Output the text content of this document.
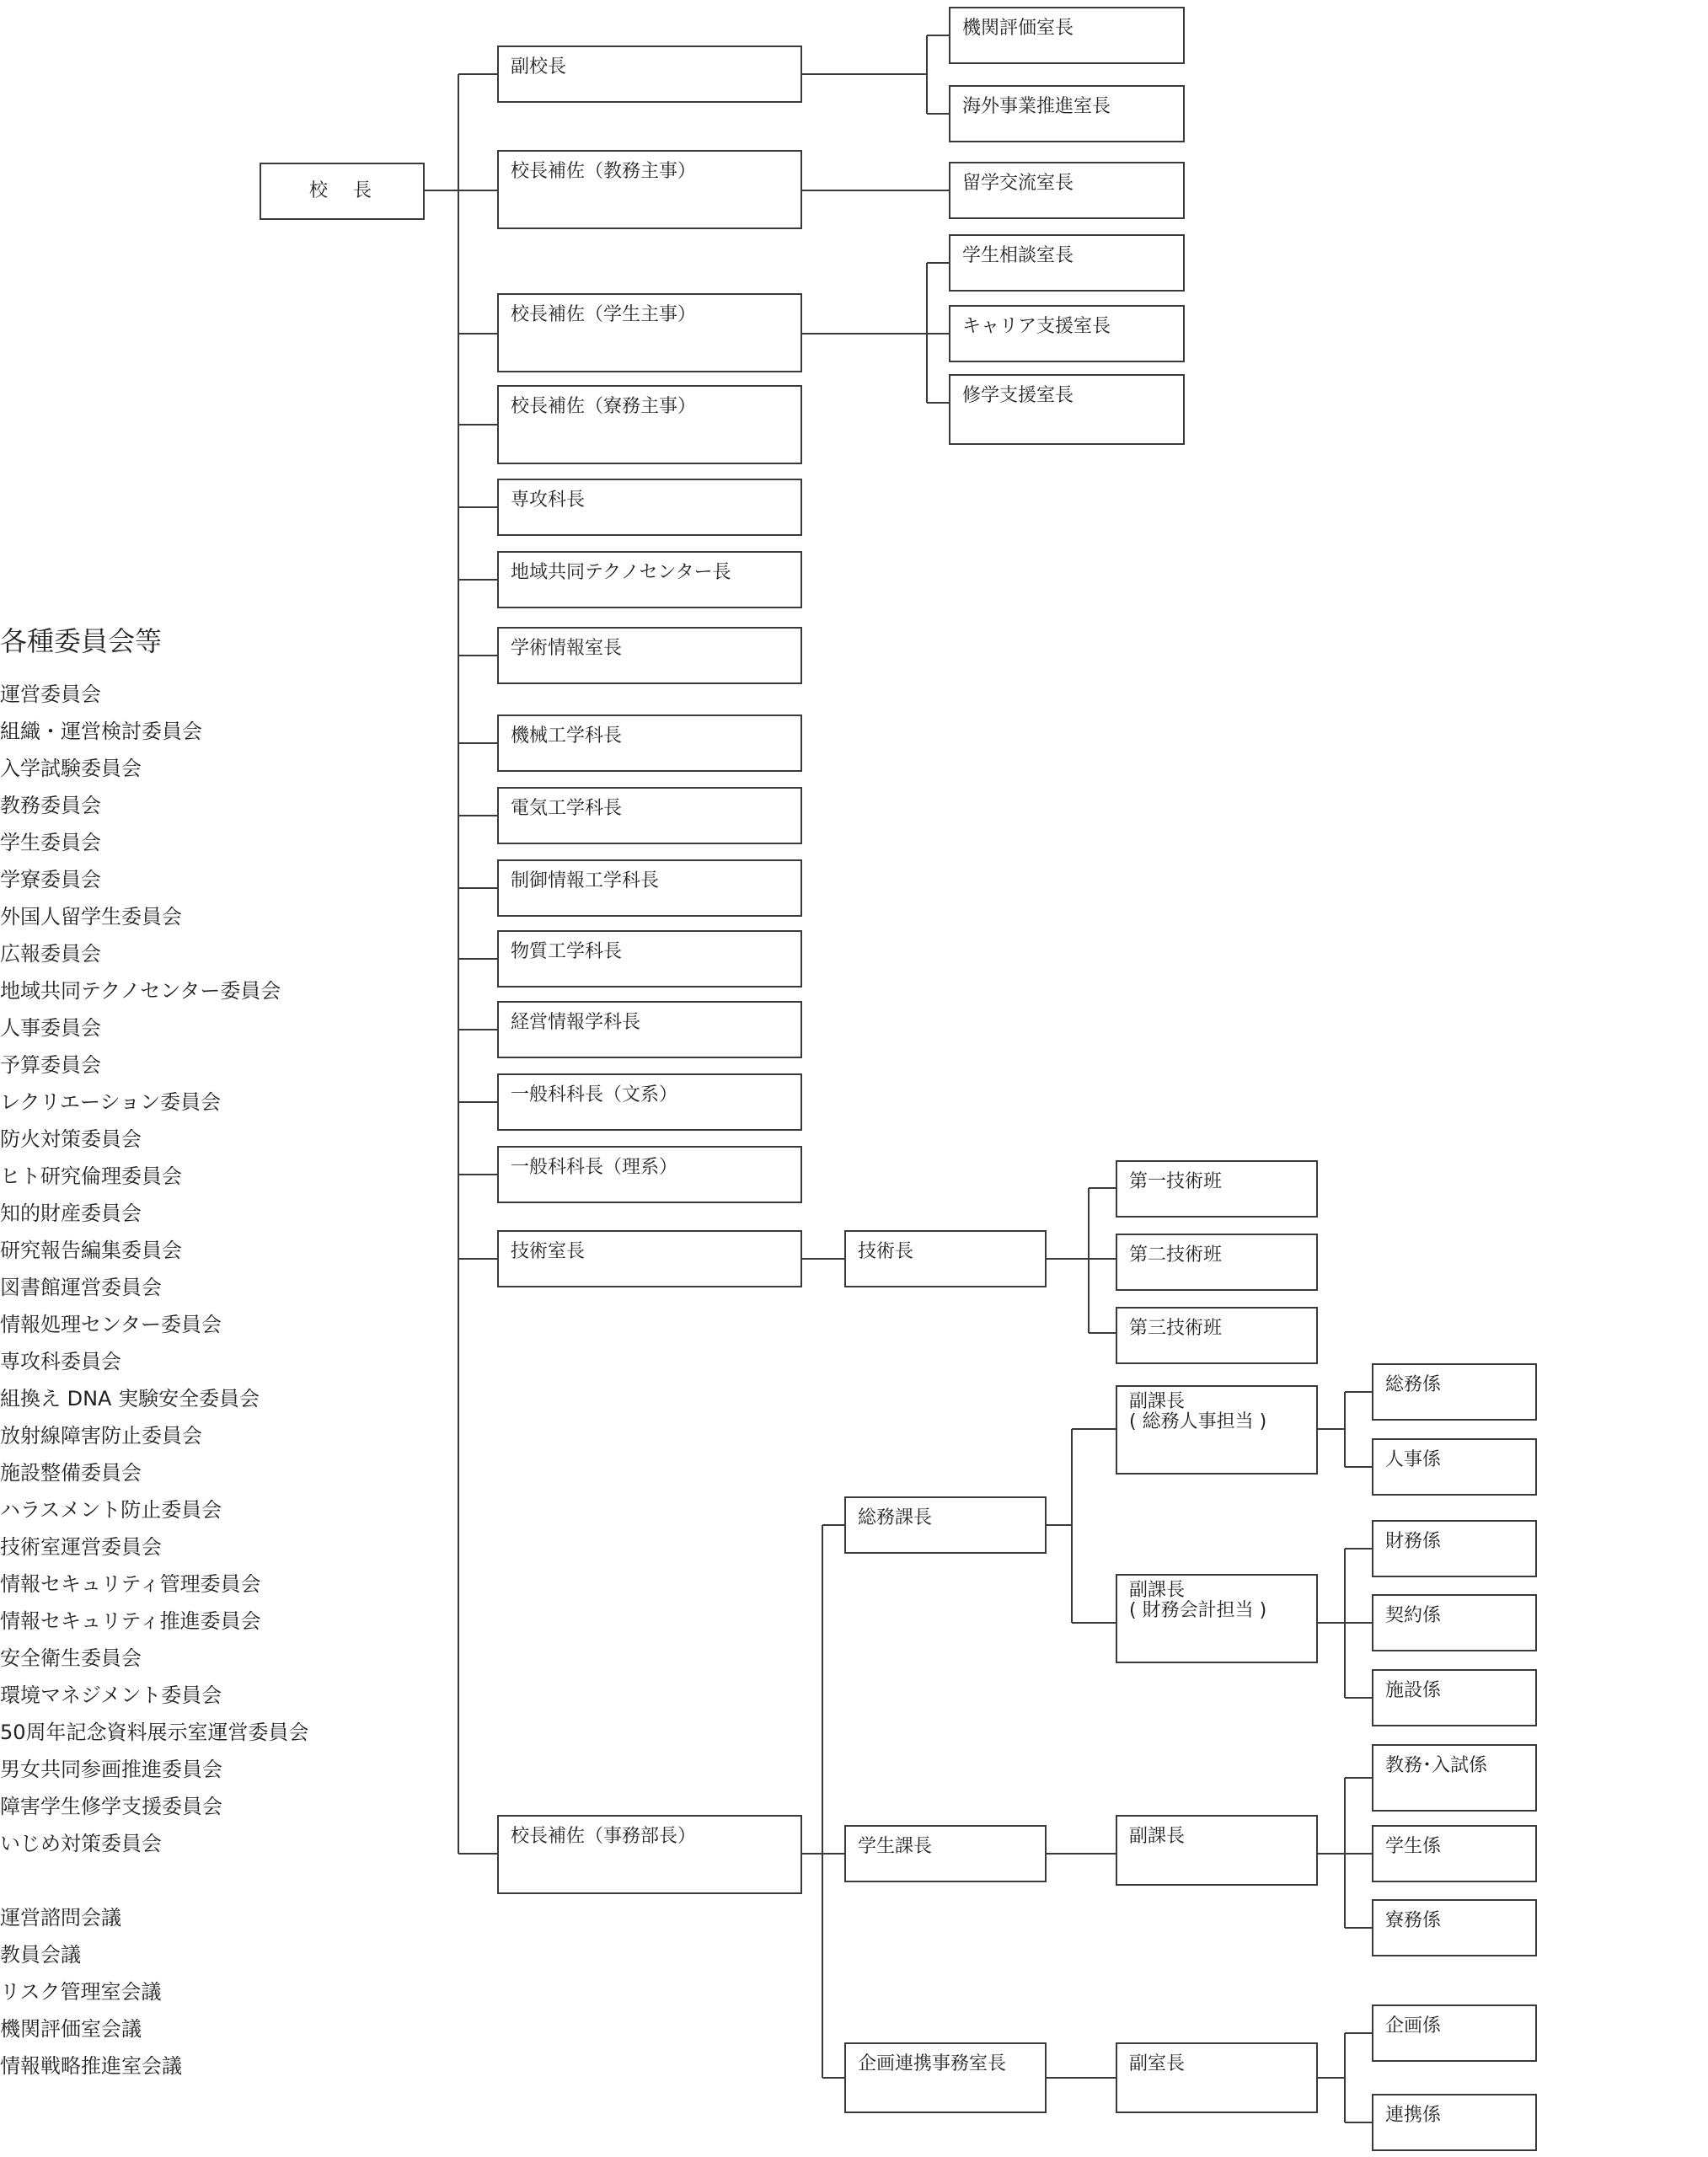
校　長
副校長
校長補佐（教務主事）
校長補佐（学生主事）
校長補佐（寮務主事）
専攻科長
地域共同テクノセンター長
学術情報室長
機械工学科長
電気工学科長
制御情報工学科長
物質工学科長
経営情報学科長
一般科科長（文系）
一般科科長（理系）
技術室長
校長補佐（事務部長）
機関評価室長
海外事業推進室長
留学交流室長
学生相談室長
キャリア支援室長
修学支援室長
技術長
第一技術班
第二技術班
第三技術班
総務課長
副課長
( 総務人事担当 )
副課長
( 財務会計担当 )
総務係
人事係
財務係
契約係
施設係
学生課長	副課長
教務･入試係
学生係
寮務係
企画連携事務室長	副室長
企画係
連携係
各種委員会等
運営委員会
組織・運営検討委員会
入学試験委員会
教務委員会
学生委員会
学寮委員会
外国人留学生委員会
広報委員会
地域共同テクノセンター委員会
人事委員会
予算委員会
レクリエーション委員会
防火対策委員会
ヒト研究倫理委員会
知的財産委員会
研究報告編集委員会
図書館運営委員会
情報処理センター委員会
専攻科委員会
組換え DNA 実験安全委員会
放射線障害防止委員会
施設整備委員会
ハラスメント防止委員会
技術室運営委員会
情報セキュリティ管理委員会
情報セキュリティ推進委員会
安全衛生委員会
環境マネジメント委員会
50周年記念資料展示室運営委員会
男女共同参画推進委員会
障害学生修学支援委員会
いじめ対策委員会
運営諮問会議
教員会議
リスク管理室会議
機関評価室会議
情報戦略推進室会議
